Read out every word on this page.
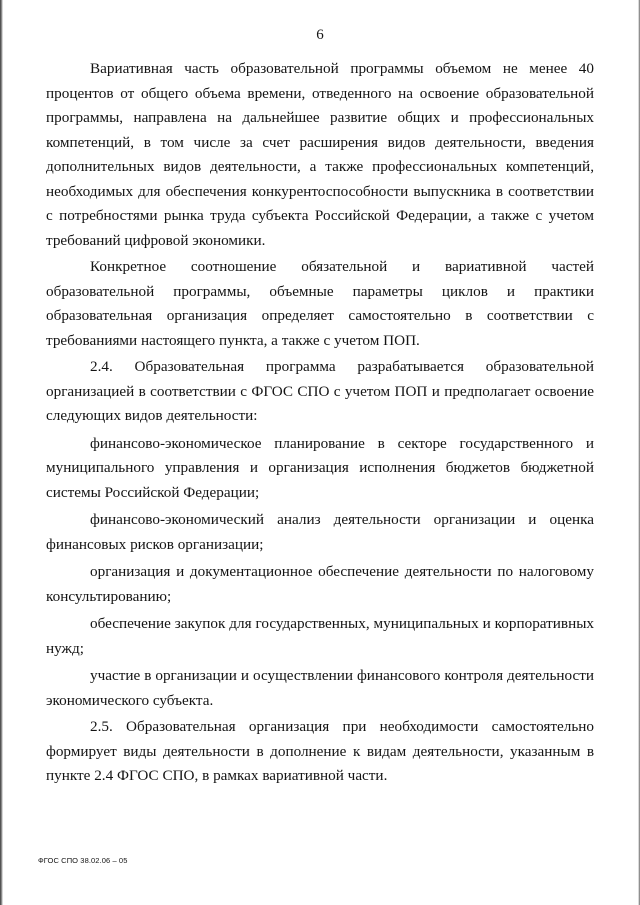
6

Вариативная часть образовательной программы объемом не менее 40 процентов от общего объема времени, отведенного на освоение образовательной программы, направлена на дальнейшее развитие общих и профессиональных компетенций, в том числе за счет расширения видов деятельности, введения дополнительных видов деятельности, а также профессиональных компетенций, необходимых для обеспечения конкурентоспособности выпускника в соответствии с потребностями рынка труда субъекта Российской Федерации, а также с учетом требований цифровой экономики.

Конкретное соотношение обязательной и вариативной частей образовательной программы, объемные параметры циклов и практики образовательная организация определяет самостоятельно в соответствии с требованиями настоящего пункта, а также с учетом ПОП.

2.4. Образовательная программа разрабатывается образовательной организацией в соответствии с ФГОС СПО с учетом ПОП и предполагает освоение следующих видов деятельности:

финансово-экономическое планирование в секторе государственного и муниципального управления и организация исполнения бюджетов бюджетной системы Российской Федерации;

финансово-экономический анализ деятельности организации и оценка финансовых рисков организации;

организация и документационное обеспечение деятельности по налоговому консультированию;

обеспечение закупок для государственных, муниципальных и корпоративных нужд;

участие в организации и осуществлении финансового контроля деятельности экономического субъекта.

2.5. Образовательная организация при необходимости самостоятельно формирует виды деятельности в дополнение к видам деятельности, указанным в пункте 2.4 ФГОС СПО, в рамках вариативной части.

ФГОС СПО 38.02.06 – 05
